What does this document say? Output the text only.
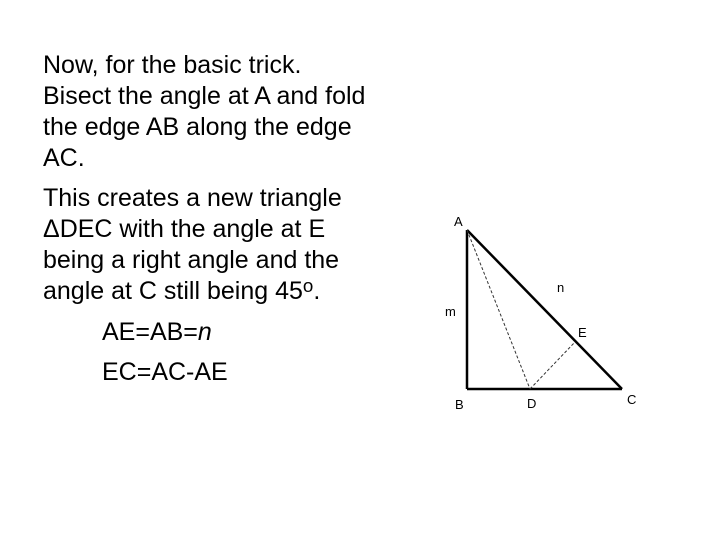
Now, for the basic trick.
Bisect the angle at A and fold
the edge AB along the edge
AC.

This creates a new triangle
ΔDEC with the angle at E
being a right angle and the
angle at C still being 45$^o$.

AE=AB=n
EC=AC-AE
A
B	C
D
E
m
n
